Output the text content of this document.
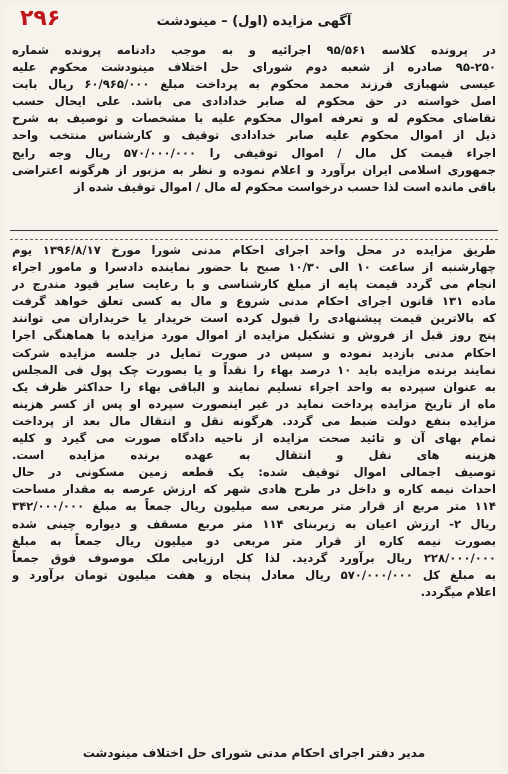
۲۹۶	آگهی مزایده (اول) – مینودشت
در پرونده کلاسه ۹۵/۵۶۱ اجرائیه و به موجب دادنامه پرونده شماره
۹۵-۲۵۰ صادره از شعبه دوم شورای حل اختلاف مینودشت محکوم علیه
عیسی شهبازی فرزند محمد محکوم به پرداخت مبلغ ۶۰/۹۶۵/۰۰۰ ریال بابت
اصل خواسته در حق محکوم له صابر خدادادی می باشد. علی ایحال حسب
تقاضای محکوم له و تعرفه اموال محکوم علیه با مشخصات و توصیف به شرح
ذیل از اموال محکوم علیه صابر خدادادی توقیف و کارشناس منتخب واحد
اجراء قیمت کل مال / اموال توقیفی را ۵۷۰/۰۰۰/۰۰۰ ریال وجه رایج
جمهوری اسلامی ایران برآورد و اعلام نموده و نظر به مزبور از هرگونه اعتراضی
باقی مانده است لذا حسب درخواست محکوم له مال / اموال توقیف شده از
طریق مزایده در محل واحد اجرای احکام مدنی شورا مورخ ۱۳۹۶/۸/۱۷ یوم
چهارشنبه از ساعت ۱۰ الی ۱۰/۳۰ صبح با حضور نماینده دادسرا و مامور اجراء
انجام می گردد قیمت پایه از مبلغ کارشناسی و با رعایت سایر قیود مندرج در
ماده ۱۳۱ قانون اجرای احکام مدنی شروع و مال به کسی تعلق خواهد گرفت
که بالاترین قیمت پیشنهادی را قبول کرده است خریدار یا خریداران می توانند
پنج روز قبل از فروش و تشکیل مزایده از اموال مورد مزایده با هماهنگی اجرا
احکام مدنی بازدید نموده و سپس در صورت تمایل در جلسه مزایده شرکت
نمایند برنده مزایده باید ۱۰ درصد بهاء را نقداً و یا بصورت چک پول فی المجلس
به عنوان سپرده به واحد اجراء تسلیم نمایند و الباقی بهاء را حداکثر ظرف یک
ماه از تاریخ مزایده پرداخت نماید در غیر اینصورت سپرده او پس از کسر هزینه
مزایده بنفع دولت ضبط می گردد. هرگونه نقل و انتقال مال بعد از پرداخت
تمام بهای آن و تائید صحت مزایده از ناحیه دادگاه صورت می گیرد و کلیه
هزینه های نقل و انتقال به عهده برنده مزایده است.
توصیف اجمالی اموال توقیف شده: یک قطعه زمین مسکونی در حال
احداث نیمه کاره و داخل در طرح هادی شهر که ارزش عرصه به مقدار مساحت
۱۱۴ متر مربع از قرار متر مربعی سه میلیون ریال جمعاً به مبلغ ۳۴۲/۰۰۰/۰۰۰
ریال ۲- ارزش اعیان به زیربنای ۱۱۴ متر مربع مسقف و دیواره چینی شده
بصورت نیمه کاره از قرار متر مربعی دو میلیون ریال جمعاً به مبلغ
۲۲۸/۰۰۰/۰۰۰ ریال برآورد گردید. لذا کل ارزیابی ملک موصوف فوق جمعاً
به مبلغ کل ۵۷۰/۰۰۰/۰۰۰ ریال معادل پنجاه و هفت میلیون تومان برآورد و
اعلام میگردد.
مدیر دفتر اجرای احکام مدنی شورای حل اختلاف مینودشت
